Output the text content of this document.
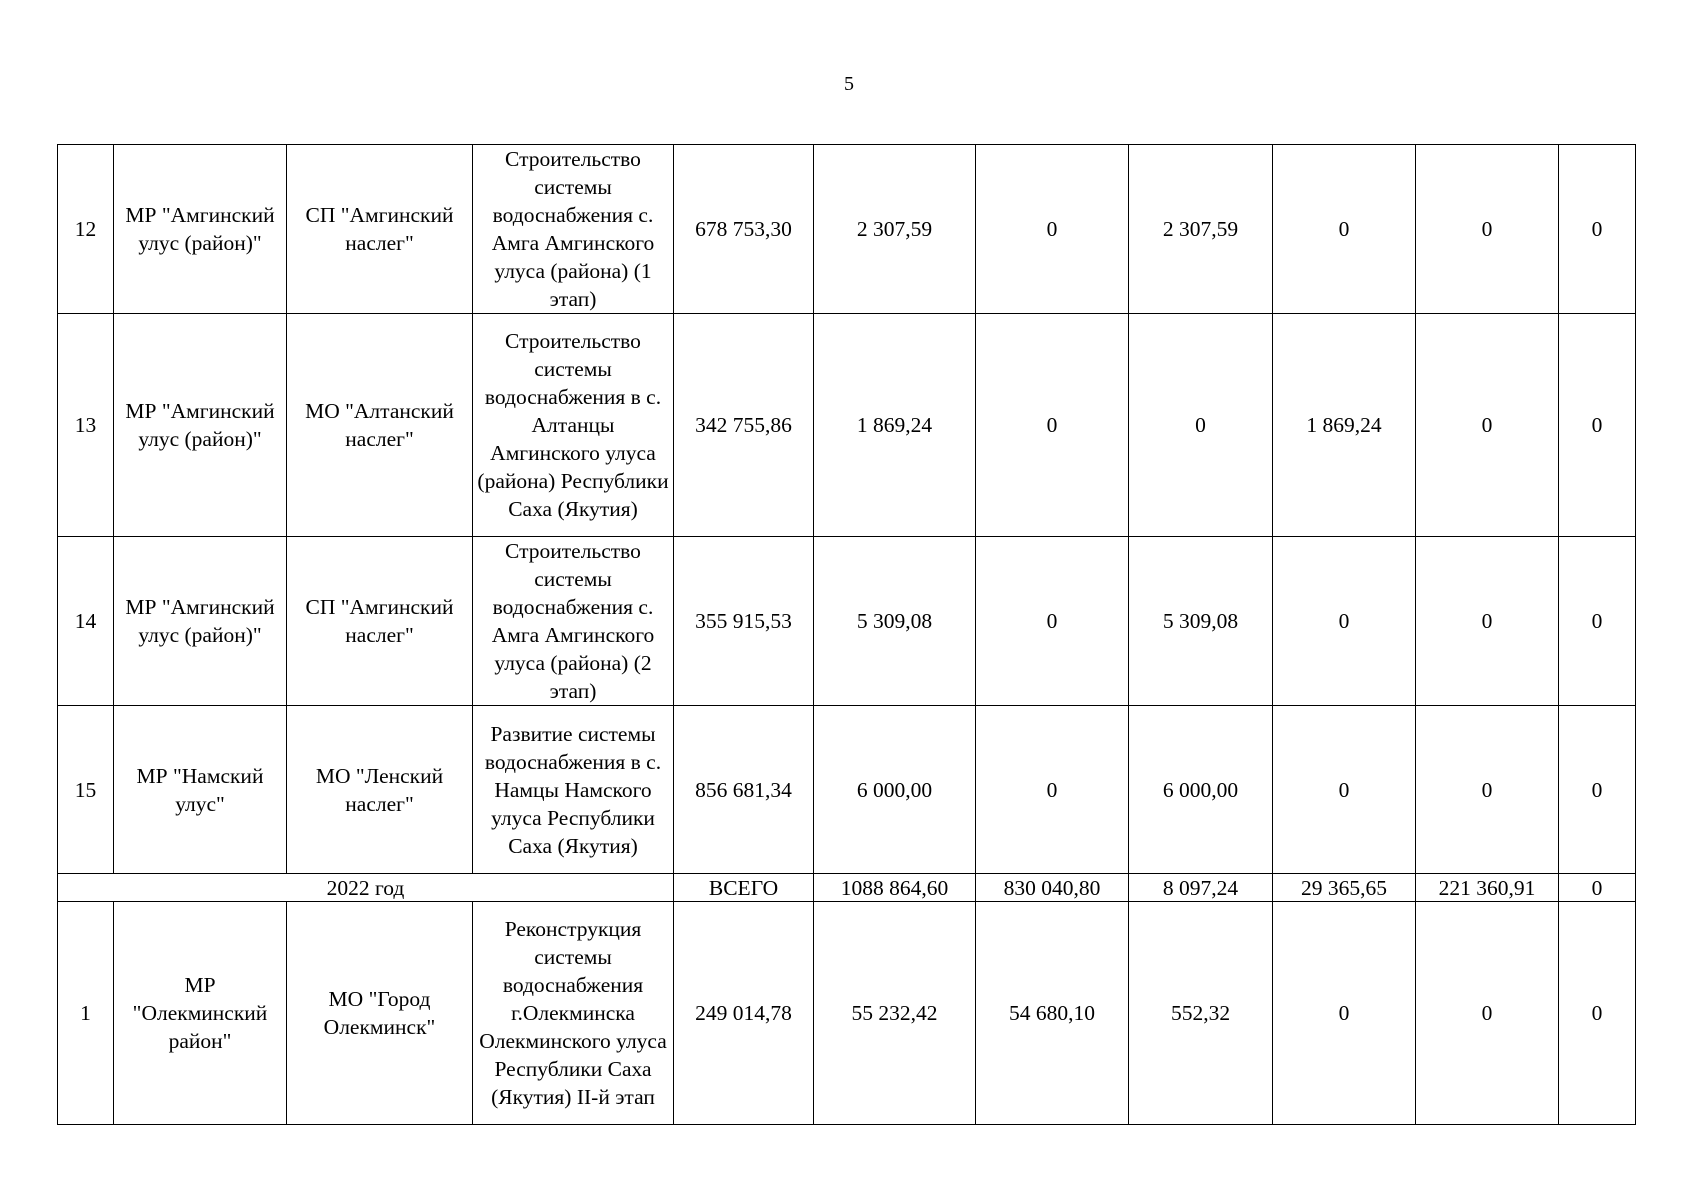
5
12	МР "Амгинский улус (район)"	СП "Амгинский наслег"	Строительство системы водоснабжения с. Амга Амгинского улуса (района) (1 этап)	678 753,30	2 307,59	0	2 307,59	0	0	0
13	МР "Амгинский улус (район)"	МО "Алтанский наслег"	Строительство системы водоснабжения в с. Алтанцы Амгинского улуса (района) Республики Саха (Якутия)	342 755,86	1 869,24	0	0	1 869,24	0	0
14	МР "Амгинский улус (район)"	СП "Амгинский наслег"	Строительство системы водоснабжения с. Амга Амгинского улуса (района) (2 этап)	355 915,53	5 309,08	0	5 309,08	0	0	0
15	МР "Намский улус"	МО "Ленский наслег"	Развитие системы водоснабжения в с. Намцы Намского улуса Республики Саха (Якутия)	856 681,34	6 000,00	0	6 000,00	0	0	0
2022 год				ВСЕГО	1088 864,60	830 040,80	8 097,24	29 365,65	221 360,91	0
1	МР "Олекминский район"	МО "Город Олекминск"	Реконструкция системы водоснабжения г.Олекминска Олекминского улуса Республики Саха (Якутия) II-й этап	249 014,78	55 232,42	54 680,10	552,32	0	0	0
